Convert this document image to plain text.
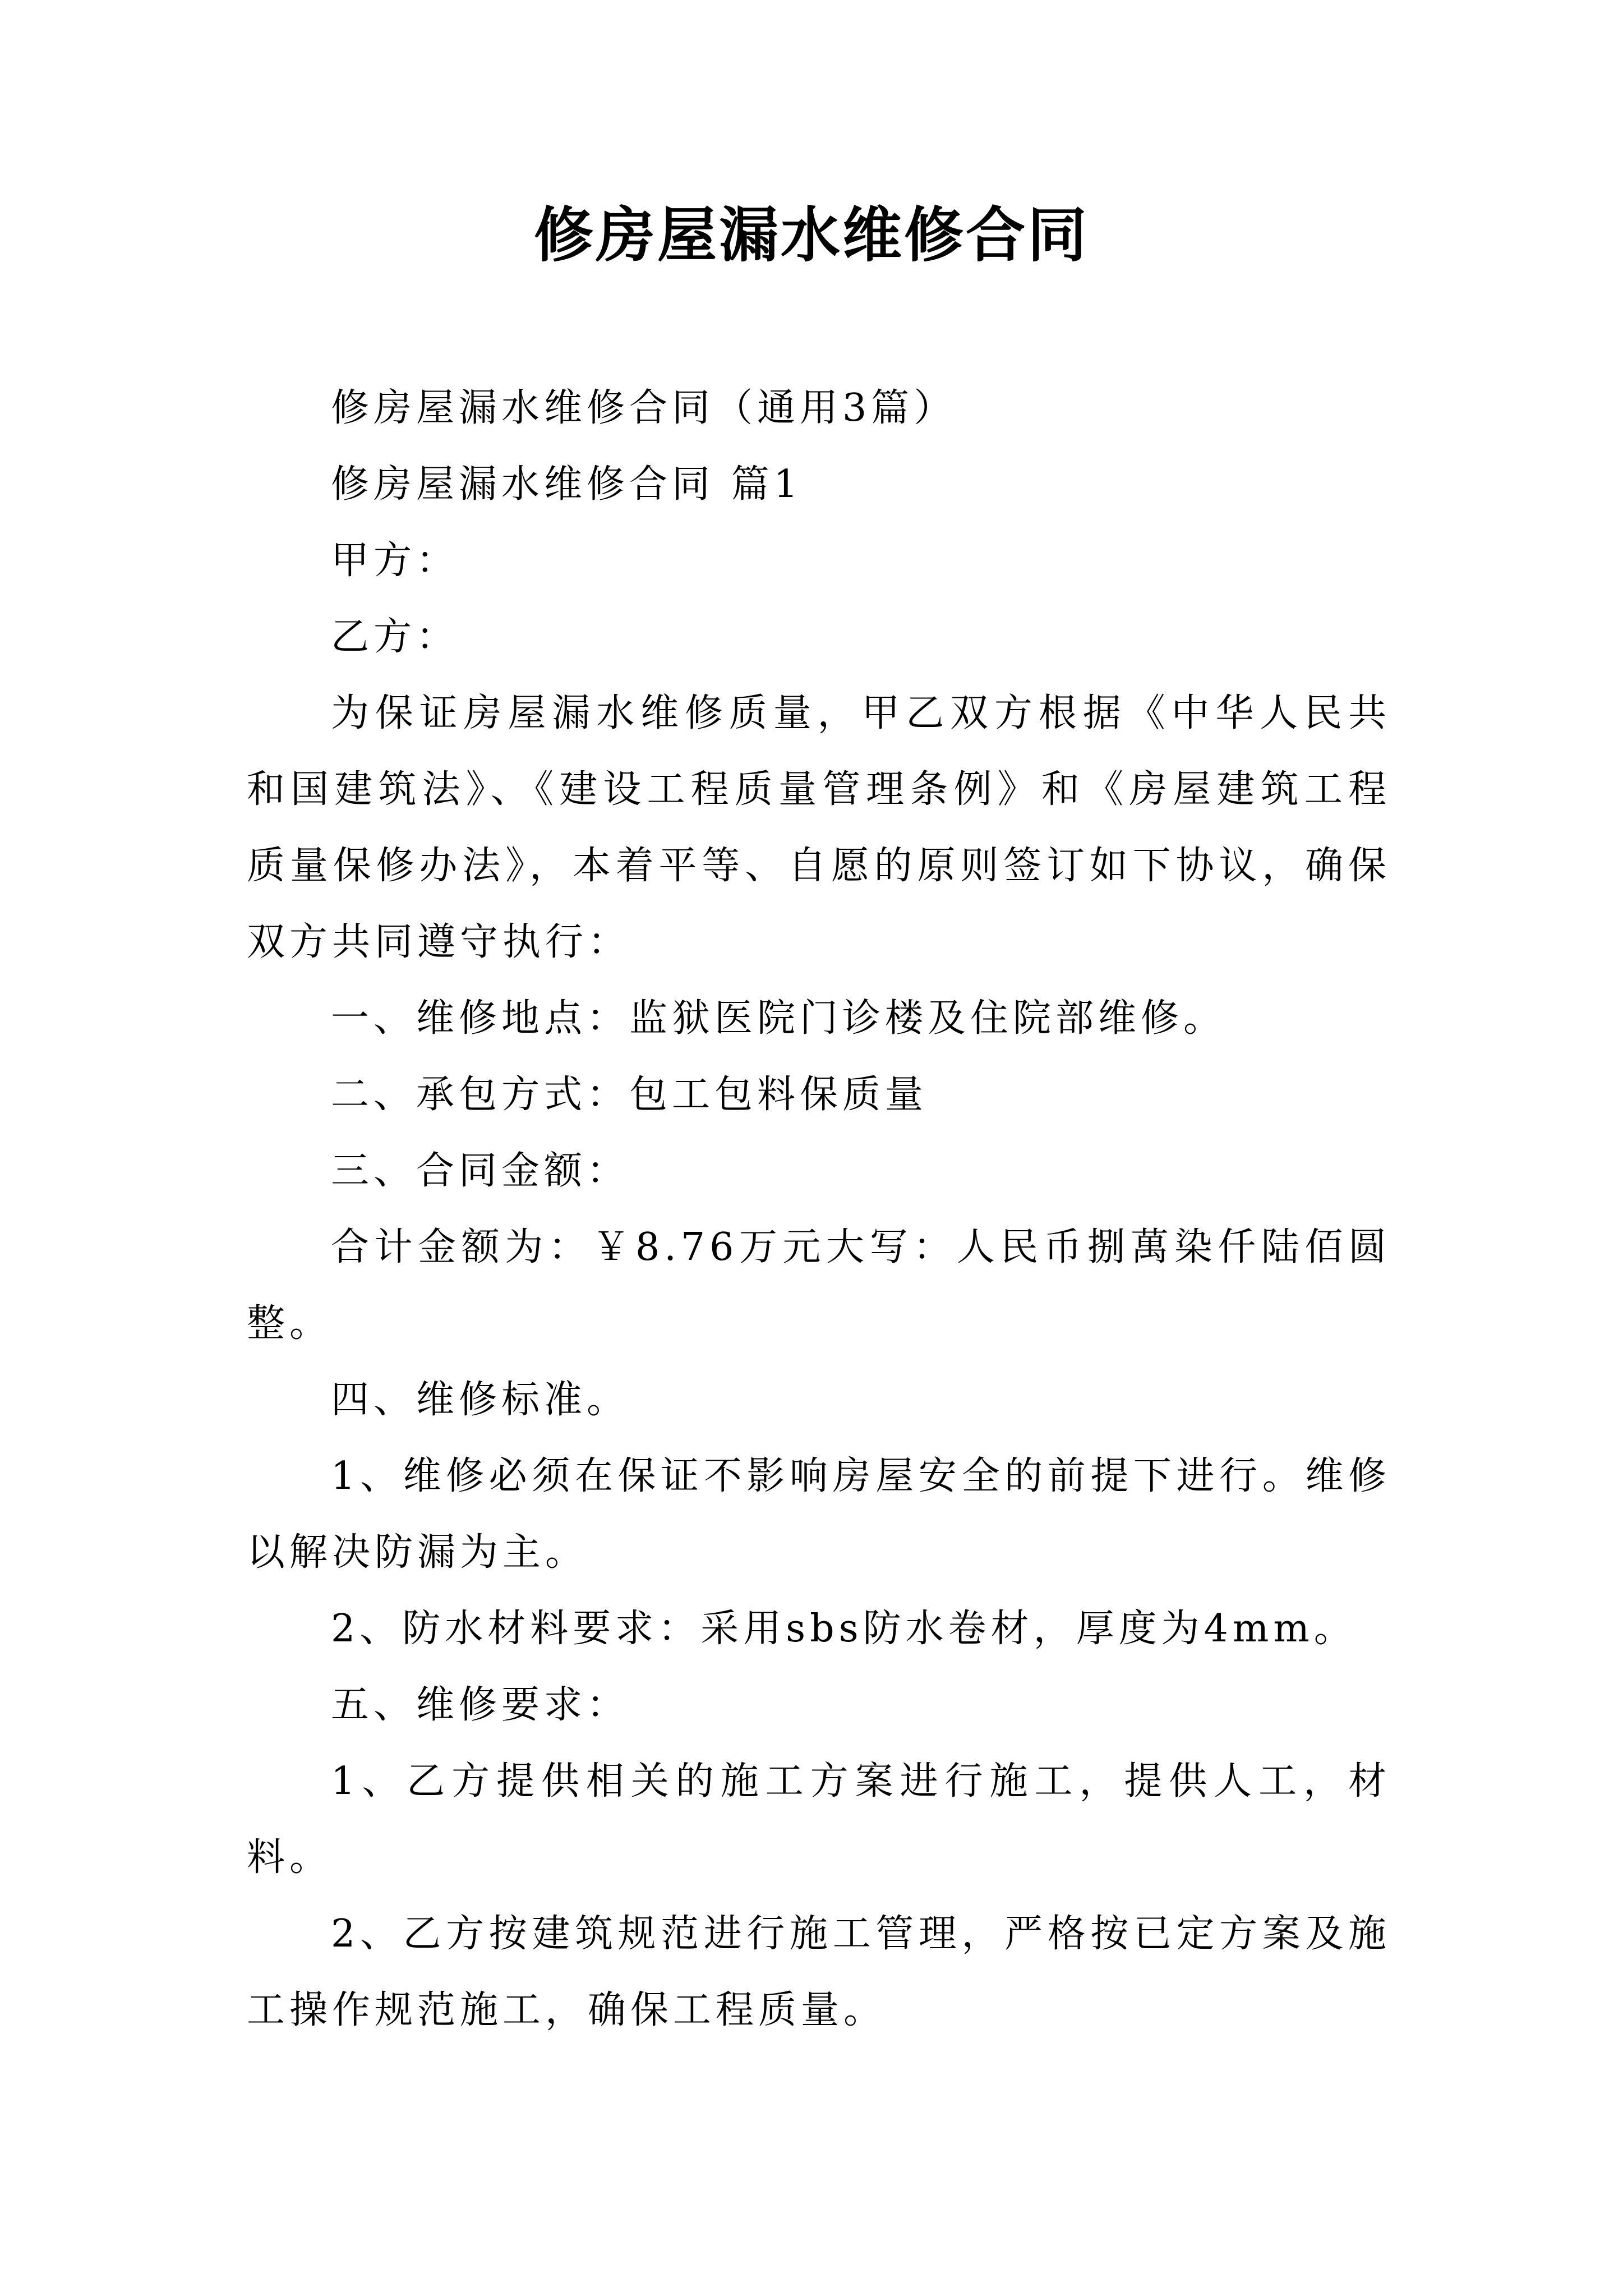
修房屋漏水维修合同

修房屋漏水维修合同（通用3篇）

修房屋漏水维修合同 篇1

甲方：

乙方：

为保证房屋漏水维修质量，甲乙双方根据《中华人民共和国建筑法》、《建设工程质量管理条例》和《房屋建筑工程质量保修办法》，本着平等、自愿的原则签订如下协议，确保双方共同遵守执行：

一、维修地点：监狱医院门诊楼及住院部维修。

二、承包方式：包工包料保质量

三、合同金额：

合计金额为：￥8.76万元大写：人民币捌萬染仟陆佰圆整。

四、维修标准。

1、维修必须在保证不影响房屋安全的前提下进行。维修以解决防漏为主。

2、防水材料要求：采用sbs防水卷材，厚度为4mm。

五、维修要求：

1、乙方提供相关的施工方案进行施工，提供人工，材料。

2、乙方按建筑规范进行施工管理，严格按已定方案及施工操作规范施工，确保工程质量。
